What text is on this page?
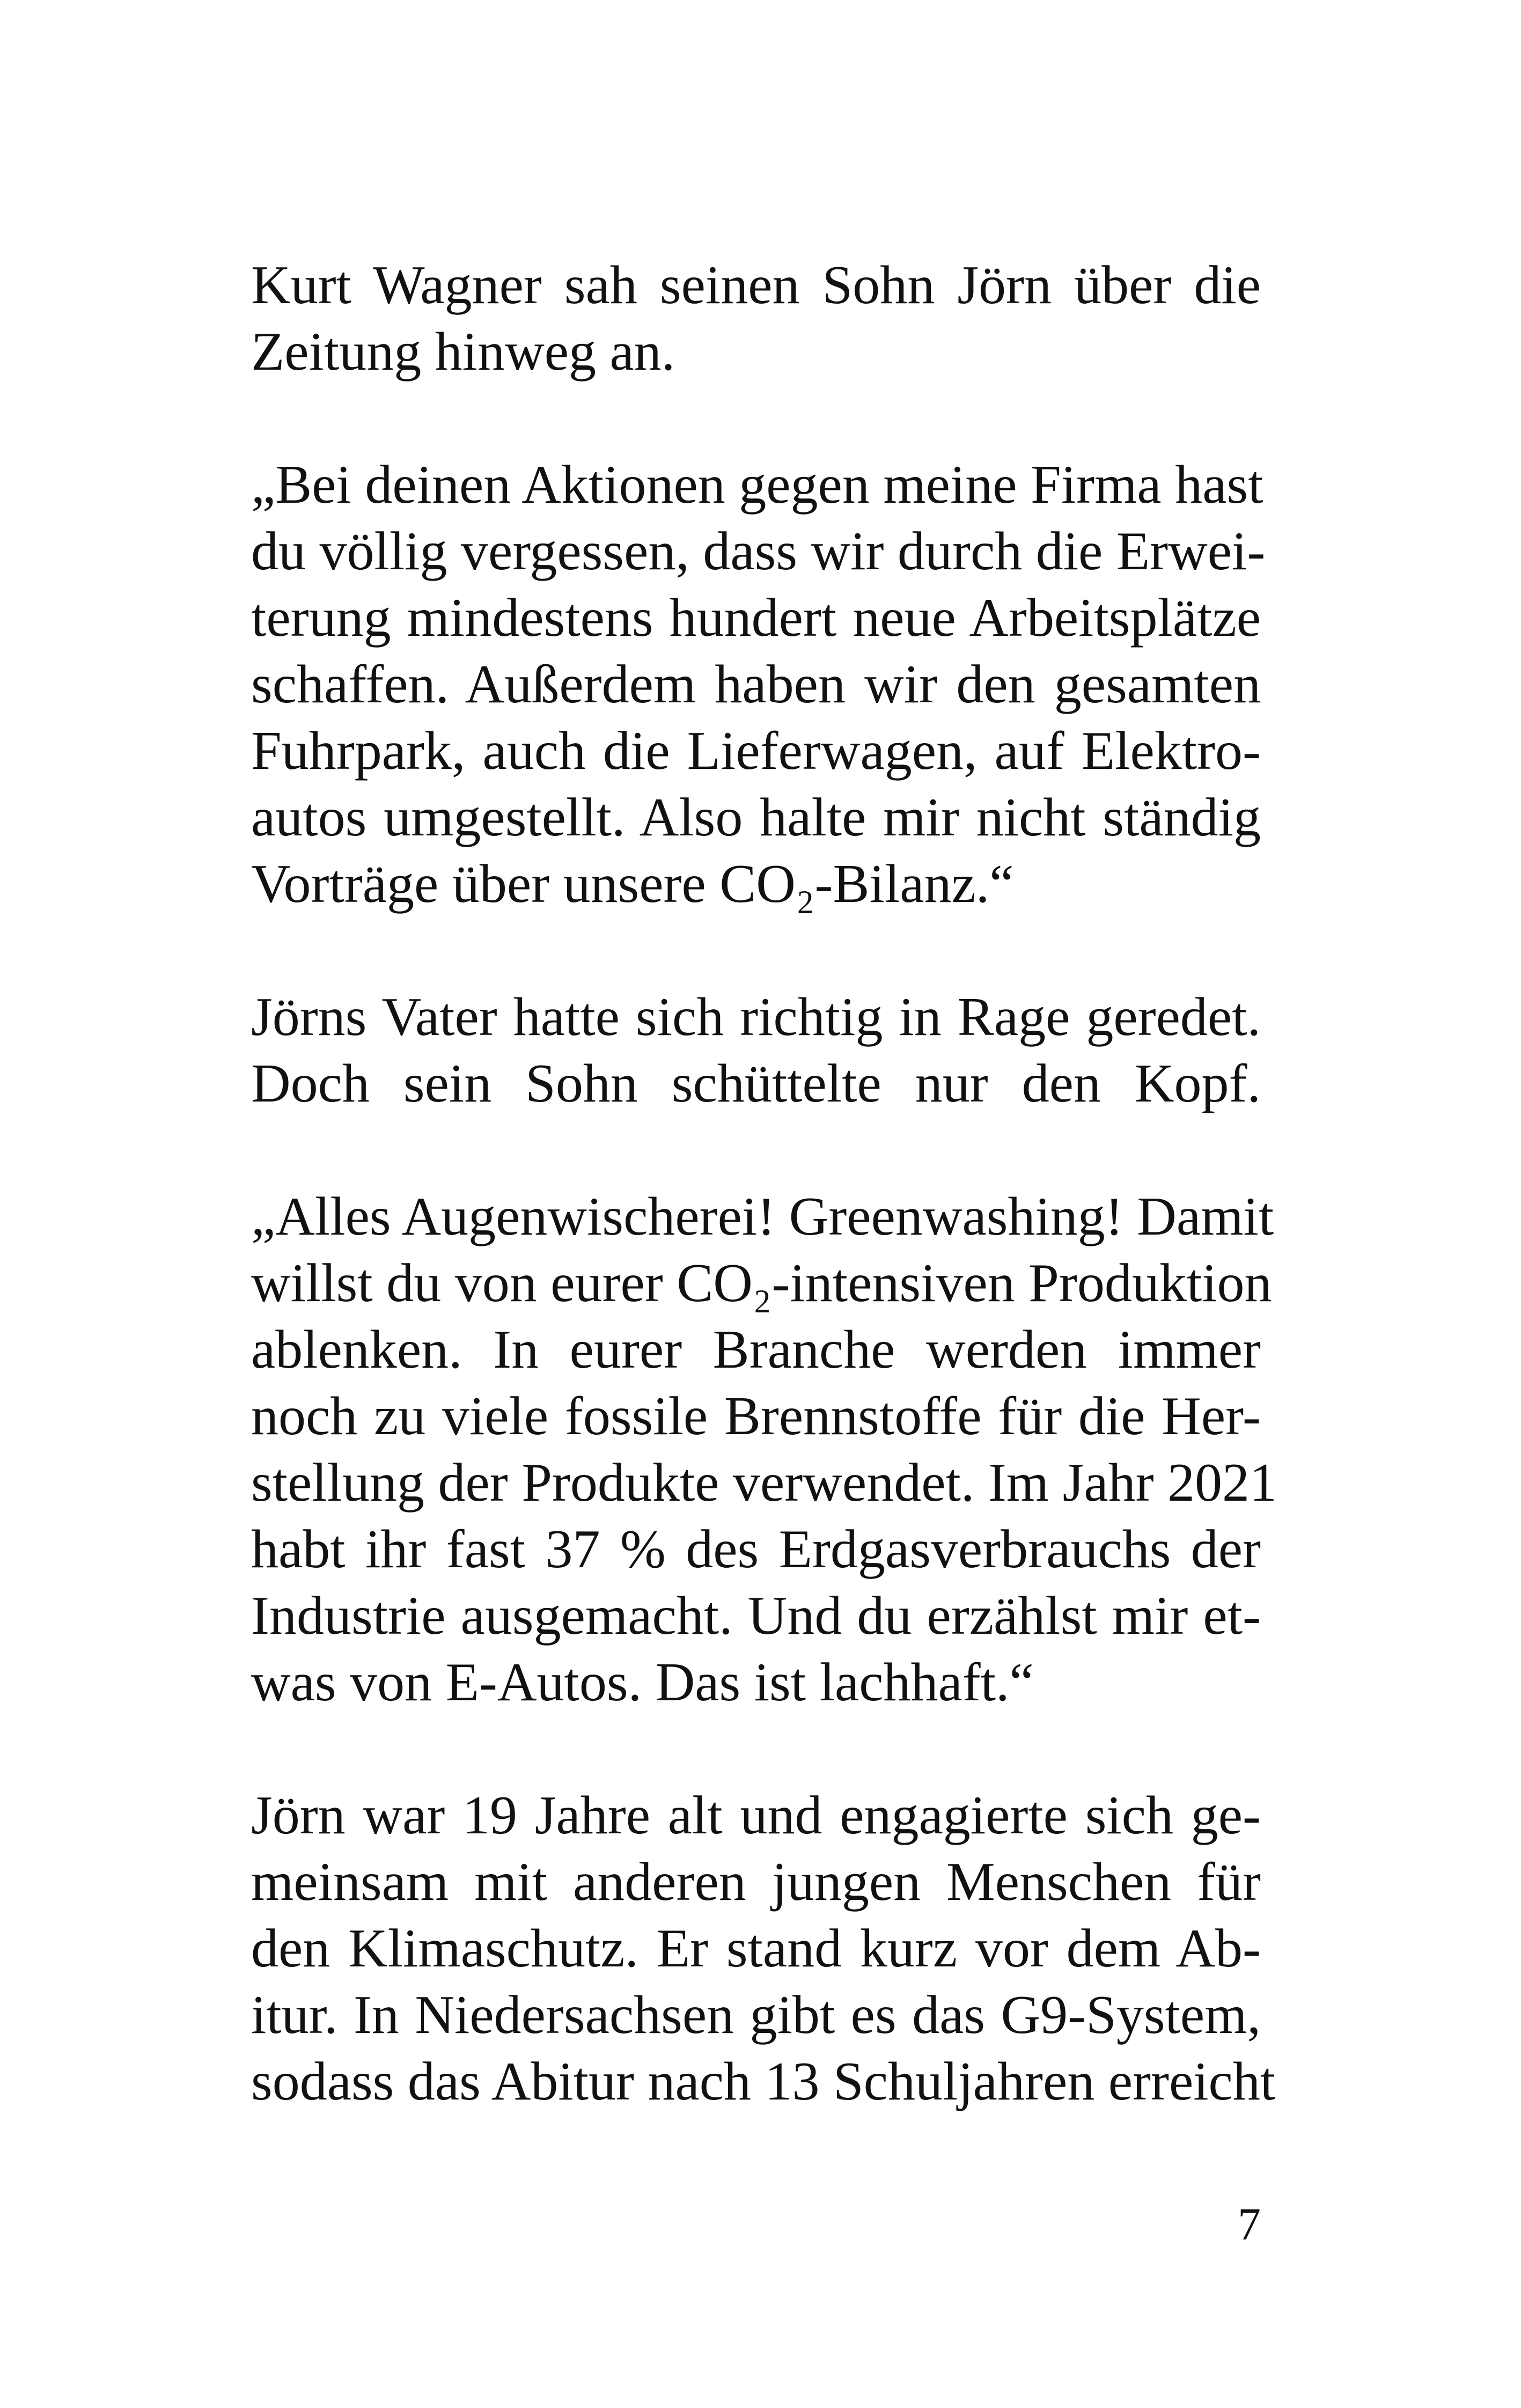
Kurt Wagner sah seinen Sohn Jörn über die
Zeitung hinweg an.
„Bei deinen Aktionen gegen meine Firma hast
du völlig vergessen, dass wir durch die Erwei-
terung mindestens hundert neue Arbeitsplätze
schaffen. Außerdem haben wir den gesamten
Fuhrpark, auch die Lieferwagen, auf Elektro-
autos umgestellt. Also halte mir nicht ständig
Vorträge über unsere CO₂-Bilanz.“
Jörns Vater hatte sich richtig in Rage geredet.
Doch sein Sohn schüttelte nur den Kopf.
„Alles Augenwischerei! Greenwashing! Damit
willst du von eurer CO₂-intensiven Produktion
ablenken. In eurer Branche werden immer
noch zu viele fossile Brennstoffe für die Her-
stellung der Produkte verwendet. Im Jahr 2021
habt ihr fast 37 % des Erdgasverbrauchs der
Industrie ausgemacht. Und du erzählst mir et-
was von E-Autos. Das ist lachhaft.“
Jörn war 19 Jahre alt und engagierte sich ge-
meinsam mit anderen jungen Menschen für
den Klimaschutz. Er stand kurz vor dem Ab-
itur. In Niedersachsen gibt es das G9-System,
sodass das Abitur nach 13 Schuljahren erreicht
7
